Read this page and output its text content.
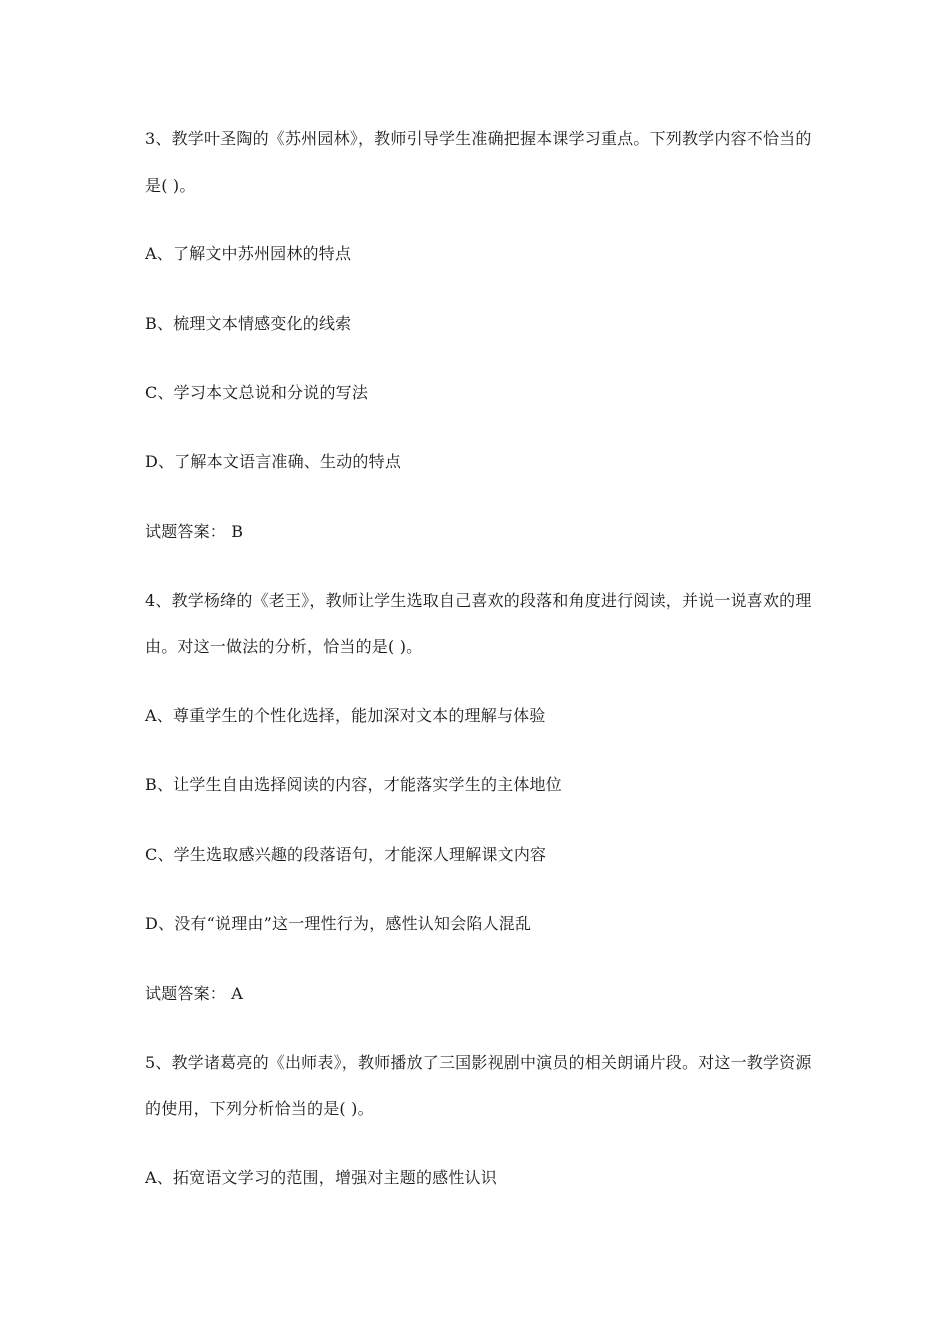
3、教学叶圣陶的《苏州园林》，教师引导学生准确把握本课学习重点。下列教学内容不恰当的
是( )。
A、了解文中苏州园林的特点
B、梳理文本情感变化的线索
C、学习本文总说和分说的写法
D、了解本文语言准确、生动的特点
试题答案： B
4、教学杨绛的《老王》，教师让学生选取自己喜欢的段落和角度进行阅读，并说一说喜欢的理
由。对这一做法的分析，恰当的是( )。
A、尊重学生的个性化选择，能加深对文本的理解与体验
B、让学生自由选择阅读的内容，才能落实学生的主体地位
C、学生选取感兴趣的段落语句，才能深人理解课文内容
D、没有“说理由”这一理性行为，感性认知会陷人混乱
试题答案： A
5、教学诸葛亮的《出师表》，教师播放了三国影视剧中演员的相关朗诵片段。对这一教学资源
的使用，下列分析恰当的是( )。
A、拓宽语文学习的范围，增强对主题的感性认识
